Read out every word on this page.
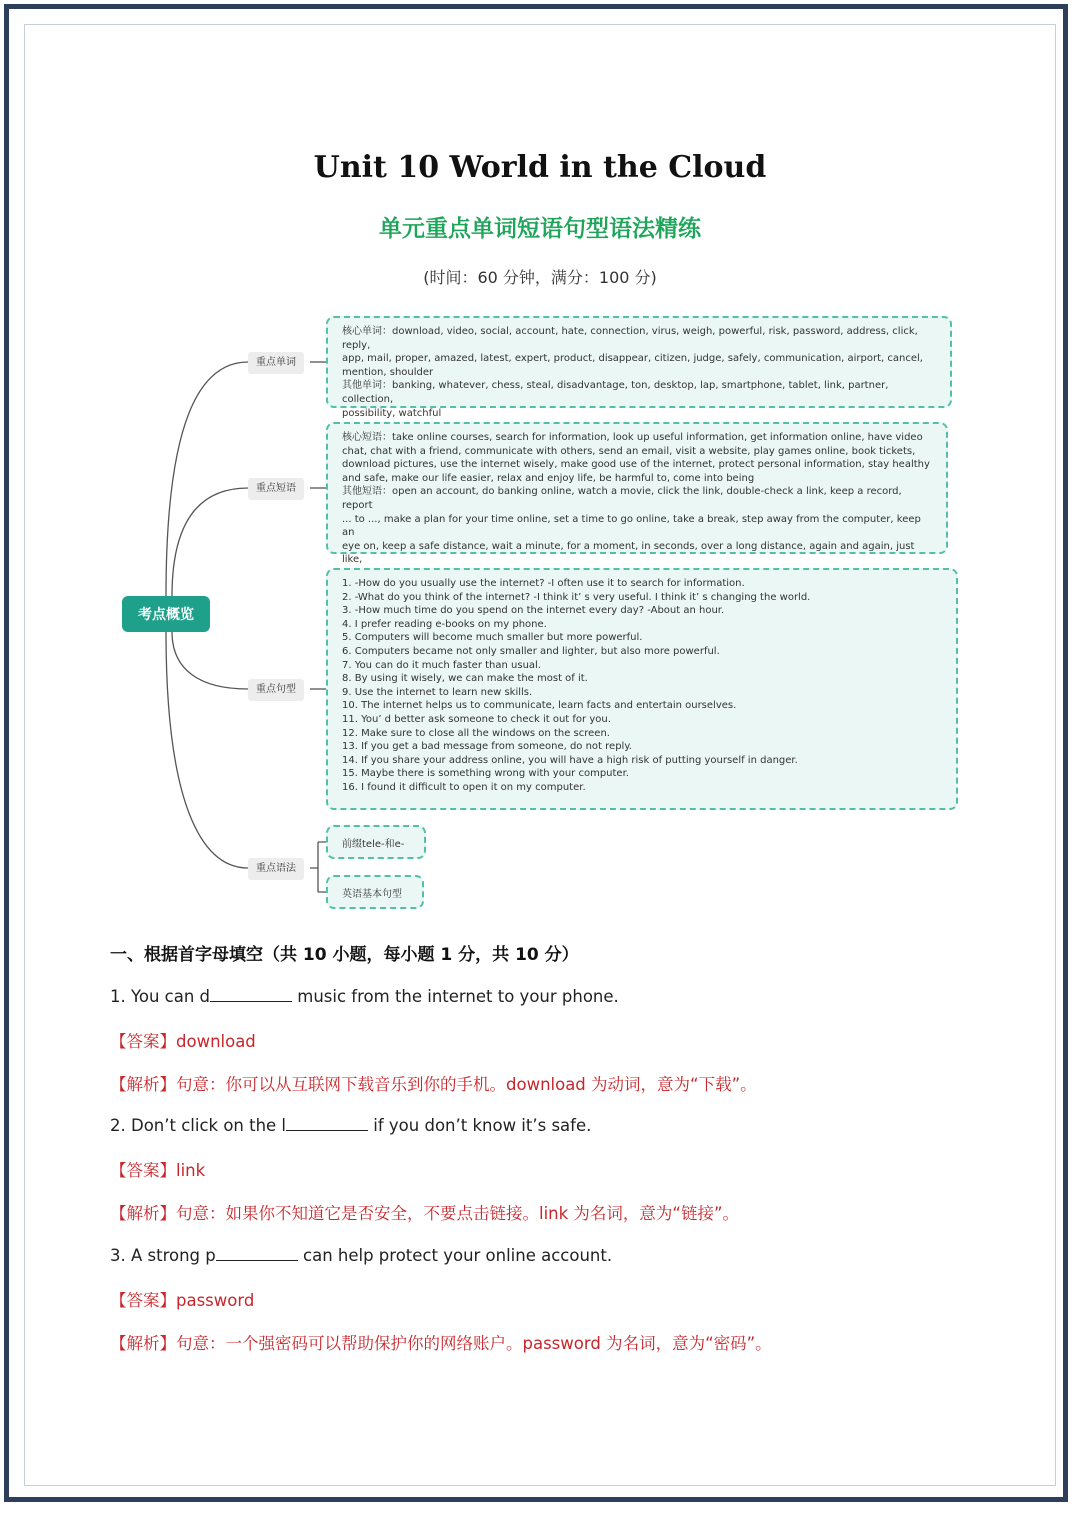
Unit 10 World in the Cloud
单元重点单词短语句型语法精练
(时间：60 分钟，满分：100 分)
考点概览
重点单词
重点短语
重点句型
重点语法

核心单词：download, video, social, account, hate, connection, virus, weigh, powerful, risk, password, address, click, reply,

app, mail, proper, amazed, latest, expert, product, disappear, citizen, judge, safely, communication, airport, cancel,

mention, shoulder

其他单词：banking, whatever, chess, steal, disadvantage, ton, desktop, lap, smartphone, tablet, link, partner, collection,

possibility, watchful

核心短语：take online courses, search for information, look up useful information, get information online, have video

chat, chat with a friend, communicate with others, send an email, visit a website, play games online, book tickets,

download pictures, use the internet wisely, make good use of the internet, protect personal information, stay healthy

and safe, make our life easier, relax and enjoy life, be harmful to, come into being

其他短语：open an account, do banking online, watch a movie, click the link, double-check a link, keep a record, report

... to ..., make a plan for your time online, set a time to go online, take a break, step away from the computer, keep an

eye on, keep a safe distance, wait a minute, for a moment, in seconds, over a long distance, again and again, just like,

1. -How do you usually use the internet? -I often use it to search for information.

2. -What do you think of the internet? -I think it’ s very useful. I think it’ s changing the world.

3. -How much time do you spend on the internet every day? -About an hour.

4. I prefer reading e-books on my phone.

5. Computers will become much smaller but more powerful.

6. Computers became not only smaller and lighter, but also more powerful.

7. You can do it much faster than usual.

8. By using it wisely, we can make the most of it.

9. Use the internet to learn new skills.

10. The internet helps us to communicate, learn facts and entertain ourselves.

11. You’ d better ask someone to check it out for you.

12. Make sure to close all the windows on the screen.

13. If you get a bad message from someone, do not reply.

14. If you share your address online, you will have a high risk of putting yourself in danger.

15. Maybe there is something wrong with your computer.

16. I found it difficult to open it on my computer.

前缀tele-和e-
英语基本句型
一、根据首字母填空（共 10 小题，每小题 1 分，共 10 分）
1. You can d	music from the internet to your phone.
【答案】download
【解析】句意：你可以从互联网下载音乐到你的手机。download 为动词，意为“下载”。
2. Don’t click on the l	if you don’t know it’s safe.
【答案】link
【解析】句意：如果你不知道它是否安全，不要点击链接。link 为名词，意为“链接”。
3. A strong p	can help protect your online account.
【答案】password
【解析】句意：一个强密码可以帮助保护你的网络账户。password 为名词，意为“密码”。
